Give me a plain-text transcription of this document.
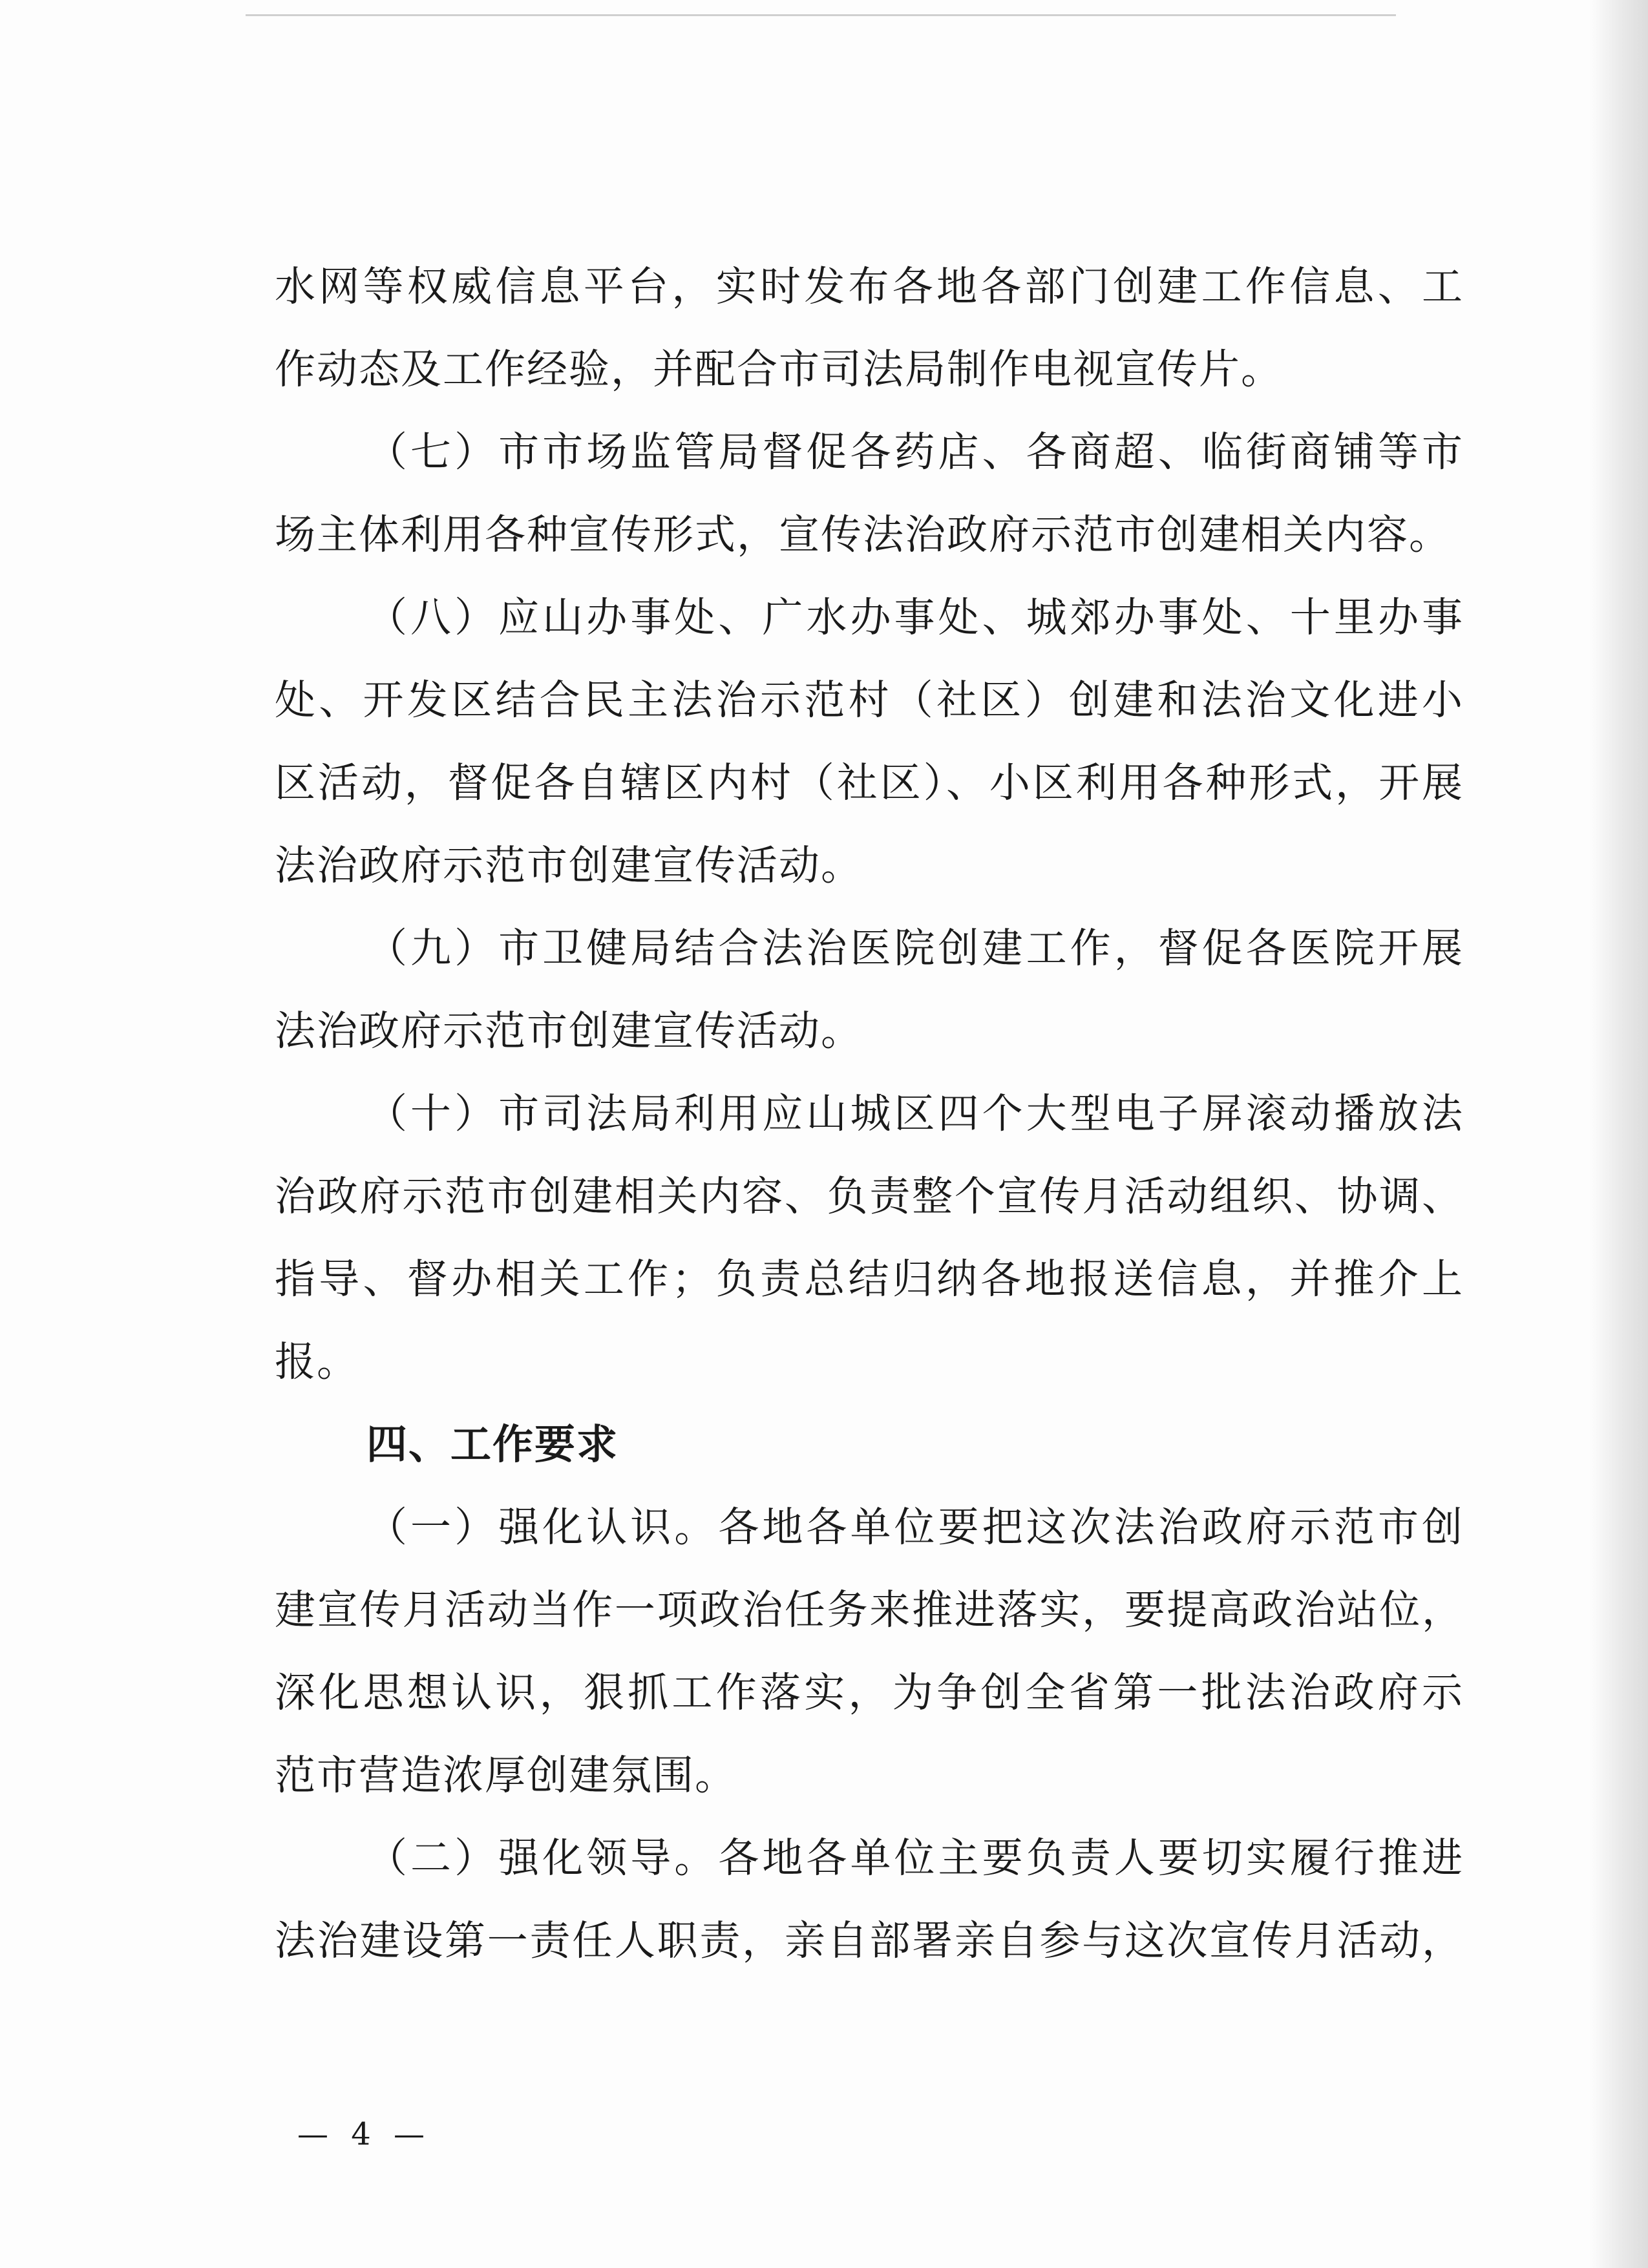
水网等权威信息平台，实时发布各地各部门创建工作信息、工
作动态及工作经验，并配合市司法局制作电视宣传片。
（七）市市场监管局督促各药店、各商超、临街商铺等市
场主体利用各种宣传形式，宣传法治政府示范市创建相关内容。
（八）应山办事处、广水办事处、城郊办事处、十里办事
处、开发区结合民主法治示范村（社区）创建和法治文化进小
区活动，督促各自辖区内村（社区）、小区利用各种形式，开展
法治政府示范市创建宣传活动。
（九）市卫健局结合法治医院创建工作，督促各医院开展
法治政府示范市创建宣传活动。
（十）市司法局利用应山城区四个大型电子屏滚动播放法
治政府示范市创建相关内容、负责整个宣传月活动组织、协调、
指导、督办相关工作；负责总结归纳各地报送信息，并推介上
报。
四、工作要求
（一）强化认识。各地各单位要把这次法治政府示范市创
建宣传月活动当作一项政治任务来推进落实，要提高政治站位，
深化思想认识，狠抓工作落实，为争创全省第一批法治政府示
范市营造浓厚创建氛围。
（二）强化领导。各地各单位主要负责人要切实履行推进
法治建设第一责任人职责，亲自部署亲自参与这次宣传月活动，
— 4 —
